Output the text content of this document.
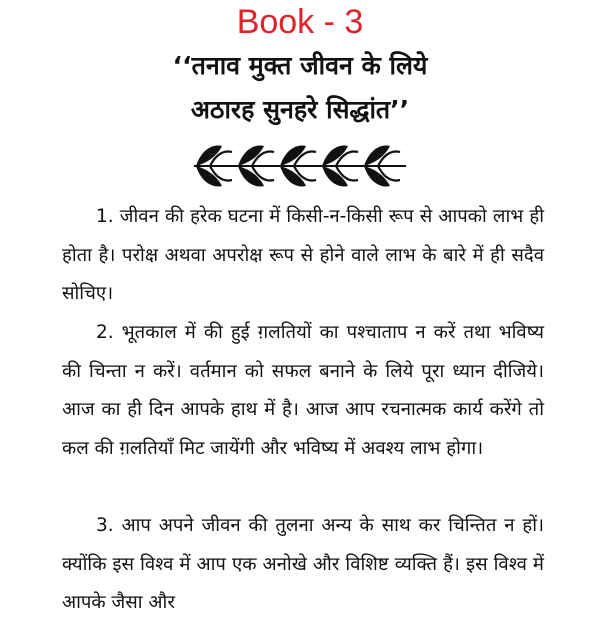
Book - 3
‘‘तनाव मुक्त जीवन के लिये
अठारह सुनहरे सिद्धांत’’
1. जीवन की हरेक घटना में किसी-न-किसी रूप से आपको लाभ ही होता है। परोक्ष अथवा अपरोक्ष रूप से होने वाले लाभ के बारे में ही सदैव सोचिए।
2. भूतकाल में की हुई ग़लतियों का पश्चाताप न करें तथा भविष्य की चिन्ता न करें। वर्तमान को सफल बनाने के लिये पूरा ध्यान दीजिये। आज का ही दिन आपके हाथ में है। आज आप रचनात्मक कार्य करेंगे तो कल की ग़लतियाँ मिट जायेंगी और भविष्य में अवश्य लाभ होगा।
3. आप अपने जीवन की तुलना अन्य के साथ कर चिन्तित न हों। क्योंकि इस विश्व में आप एक अनोखे और विशिष्ट व्यक्ति हैं। इस विश्व में आपके जैसा और
